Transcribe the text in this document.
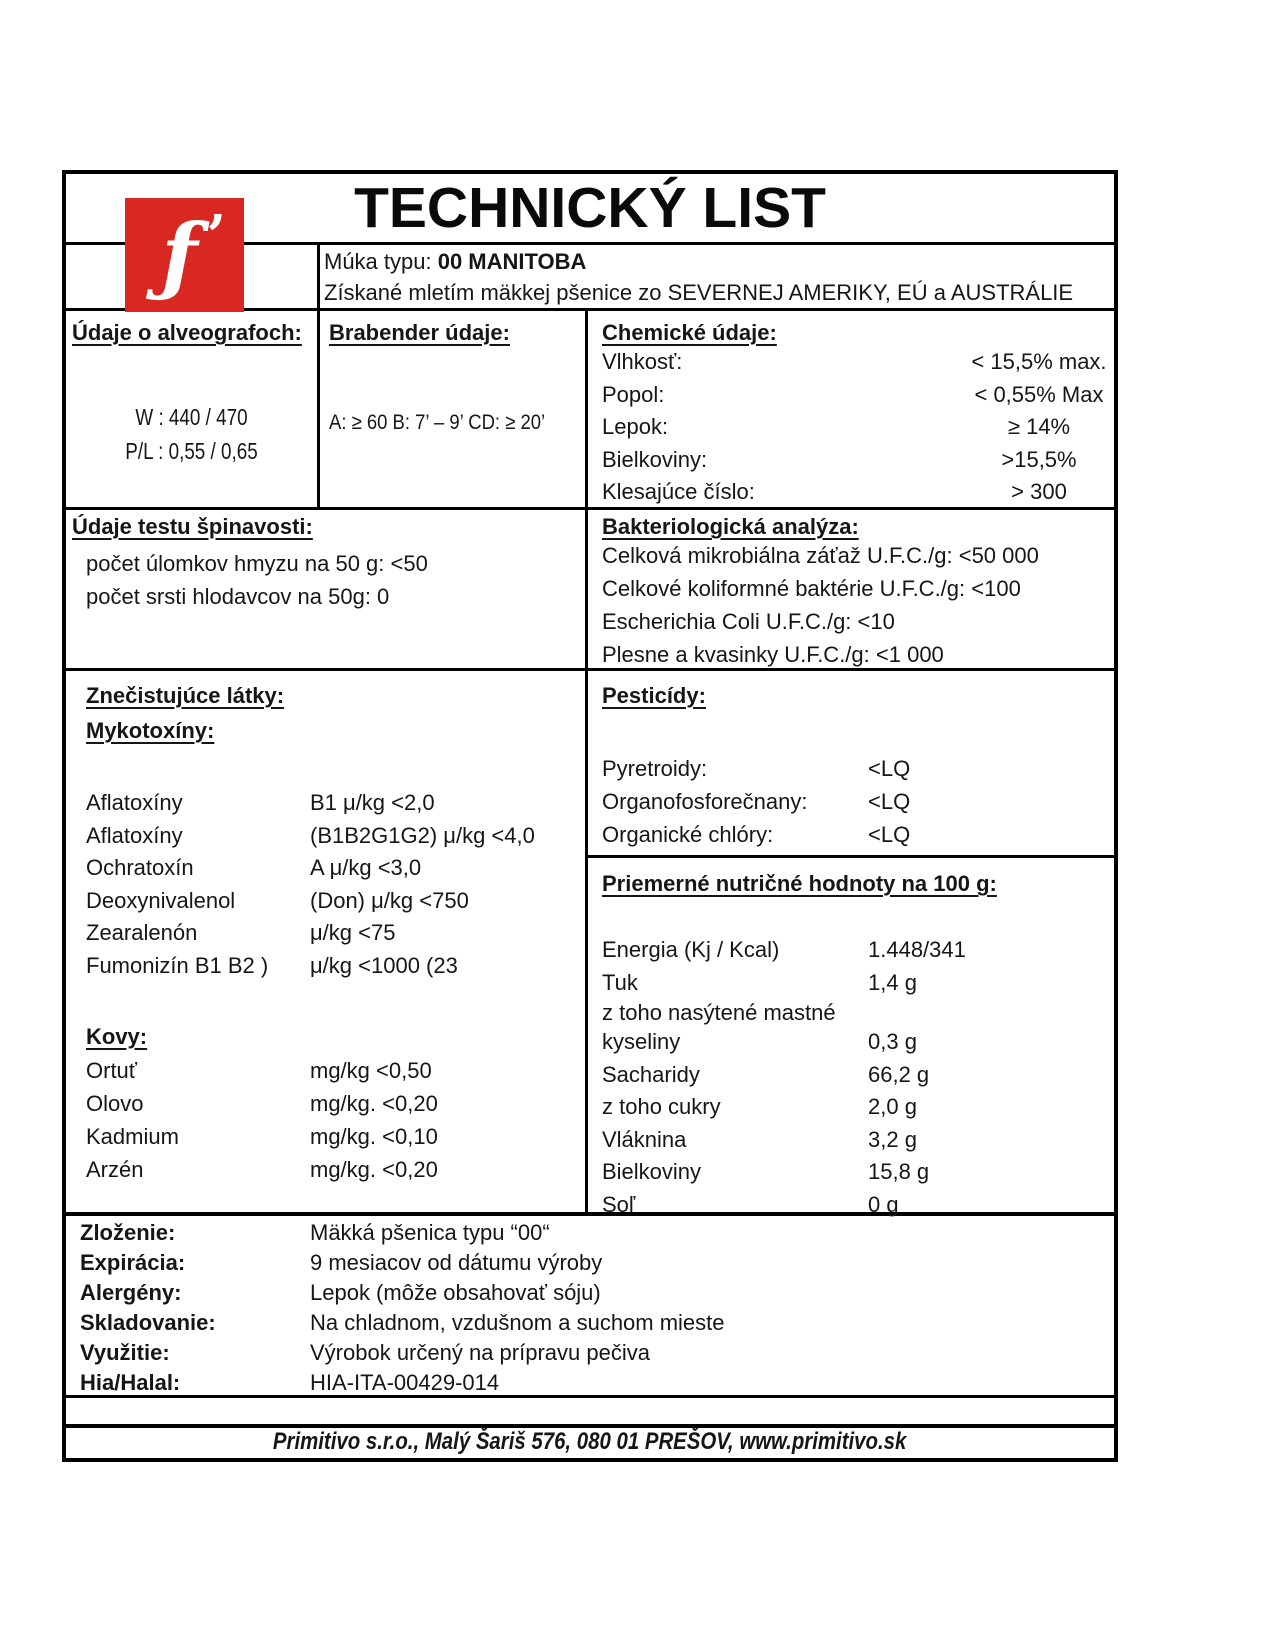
TECHNICKÝ LIST
ƒ ’	Múka typu: 00 MANITOBA
Získané mletím mäkkej pšenice zo SEVERNEJ AMERIKY, EÚ a AUSTRÁLIE
Údaje o alveografoch:
W : 440 / 470
P/L : 0,55 / 0,65
Brabender údaje:
A: ≥ 60 B: 7’ – 9’ CD: ≥ 20’
Chemické údaje:
Vlhkosť:	< 15,5% max.
Popol:	< 0,55% Max
Lepok:	≥ 14%
Bielkoviny:	>15,5%
Klesajúce číslo:	> 300
Údaje testu špinavosti:
počet úlomkov hmyzu na 50 g: <50
počet srsti hlodavcov na 50g: 0
Bakteriologická analýza:
Celková mikrobiálna záťaž U.F.C./g: <50 000
Celkové koliformné baktérie U.F.C./g: <100
Escherichia Coli U.F.C./g: <10
Plesne a kvasinky U.F.C./g: <1 000
Znečistujúce látky:
Mykotoxíny:
Aflatoxíny	B1 μ/kg <2,0
Aflatoxíny	(B1B2G1G2) μ/kg <4,0
Ochratoxín	A μ/kg <3,0
Deoxynivalenol	(Don) μ/kg <750
Zearalenón	μ/kg <75
Fumonizín B1 B2 )	μ/kg <1000 (23
Kovy:
Ortuť	mg/kg <0,50
Olovo	mg/kg. <0,20
Kadmium	mg/kg. <0,10
Arzén	mg/kg. <0,20
Pesticídy:
Pyretroidy:	<LQ
Organofosforečnany:	<LQ
Organické chlóry:	<LQ
Priemerné nutričné hodnoty na 100 g:
Energia (Kj / Kcal)	1.448/341
Tuk	1,4 g
z toho nasýtené mastné
kyseliny	0,3 g
Sacharidy	66,2 g
z toho cukry	2,0 g
Vláknina	3,2 g
Bielkoviny	15,8 g
Soľ	0 g
Zloženie:	Mäkká pšenica typu “00“
Expirácia:	9 mesiacov od dátumu výroby
Alergény:	Lepok (môže obsahovať sóju)
Skladovanie:	Na chladnom, vzdušnom a suchom mieste
Využitie:	Výrobok určený na prípravu pečiva
Hia/Halal:	HIA-ITA-00429-014
Primitivo s.r.o., Malý Šariš 576, 080 01 PREŠOV, www.primitivo.sk
